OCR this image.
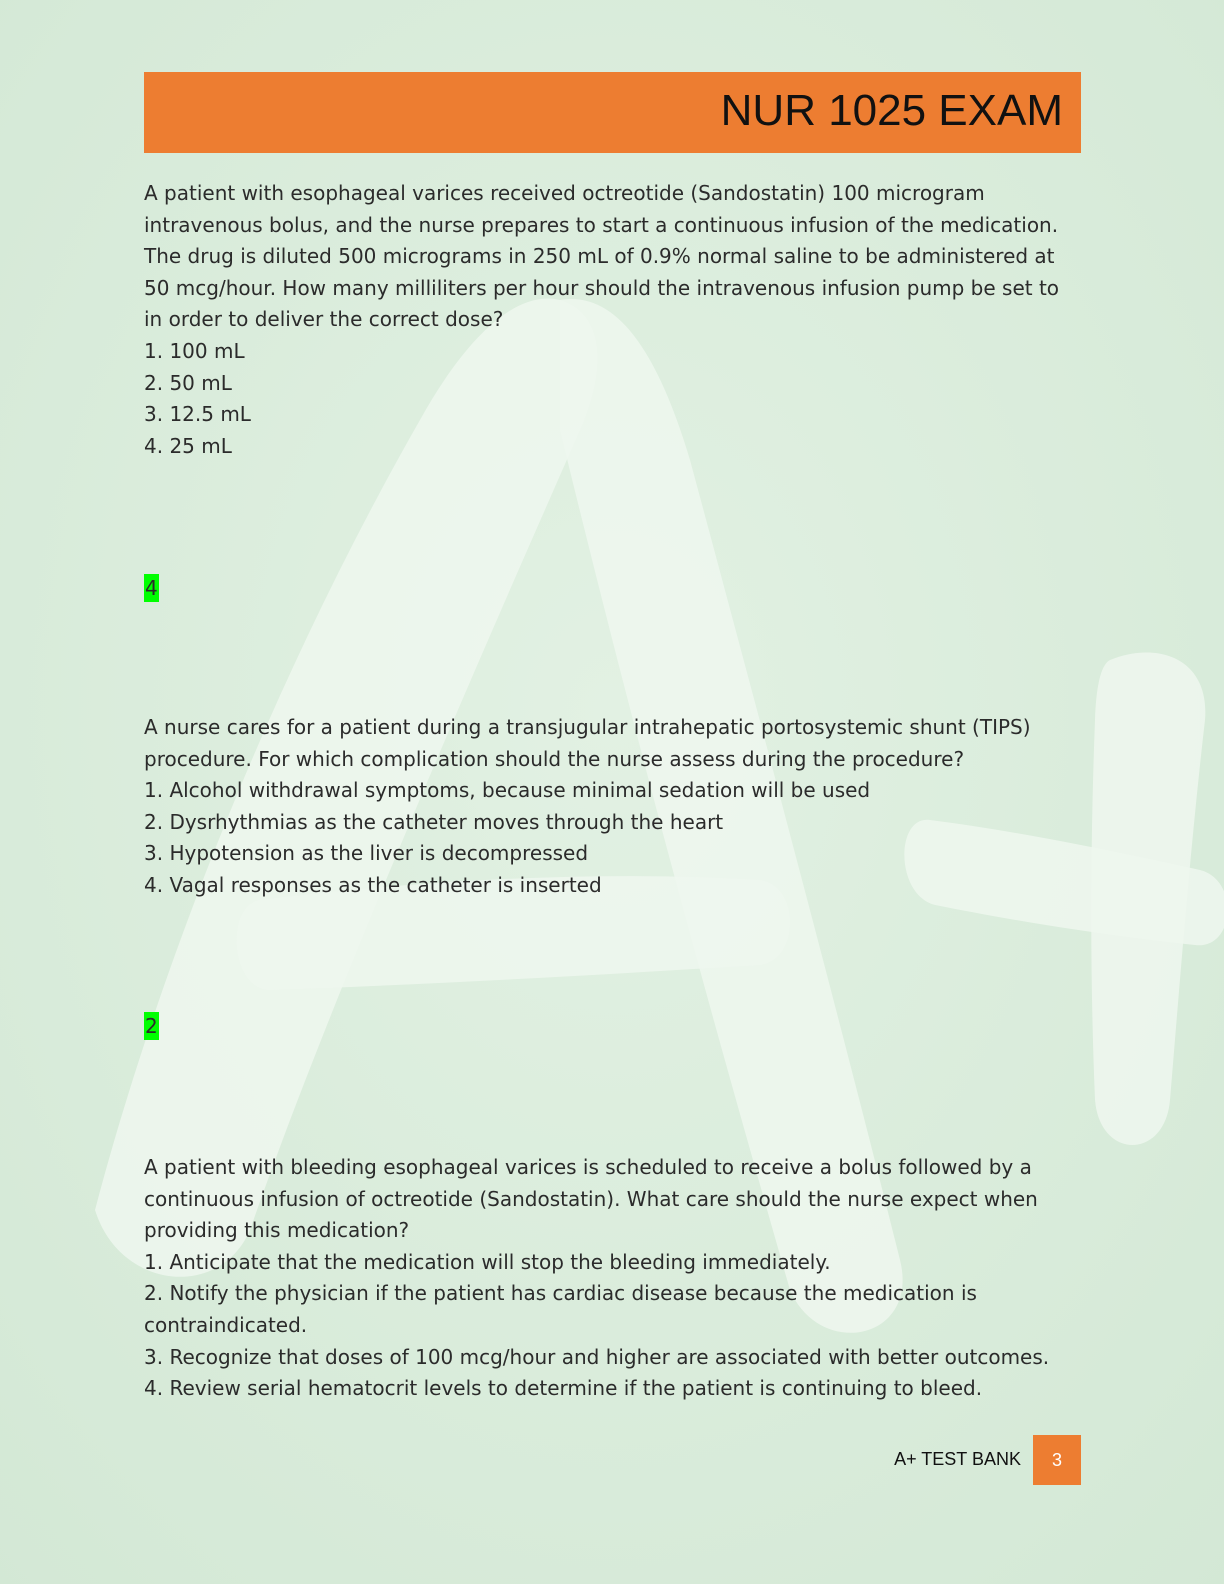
NUR 1025 EXAM

A patient with esophageal varices received octreotide (Sandostatin) 100 microgram intravenous bolus, and the nurse prepares to start a continuous infusion of the medication. The drug is diluted 500 micrograms in 250 mL of 0.9% normal saline to be administered at 50 mcg/hour. How many milliliters per hour should the intravenous infusion pump be set to in order to deliver the correct dose?

1. 100 mL
2. 50 mL
3. 12.5 mL
4. 25 mL
4

A nurse cares for a patient during a transjugular intrahepatic portosystemic shunt (TIPS) procedure. For which complication should the nurse assess during the procedure?

1. Alcohol withdrawal symptoms, because minimal sedation will be used
2. Dysrhythmias as the catheter moves through the heart
3. Hypotension as the liver is decompressed
4. Vagal responses as the catheter is inserted
2

A patient with bleeding esophageal varices is scheduled to receive a bolus followed by a continuous infusion of octreotide (Sandostatin). What care should the nurse expect when providing this medication?

1. Anticipate that the medication will stop the bleeding immediately.
2. Notify the physician if the patient has cardiac disease because the medication is contraindicated.
3. Recognize that doses of 100 mcg/hour and higher are associated with better outcomes.
4. Review serial hematocrit levels to determine if the patient is continuing to bleed.
A+ TEST BANK	3
